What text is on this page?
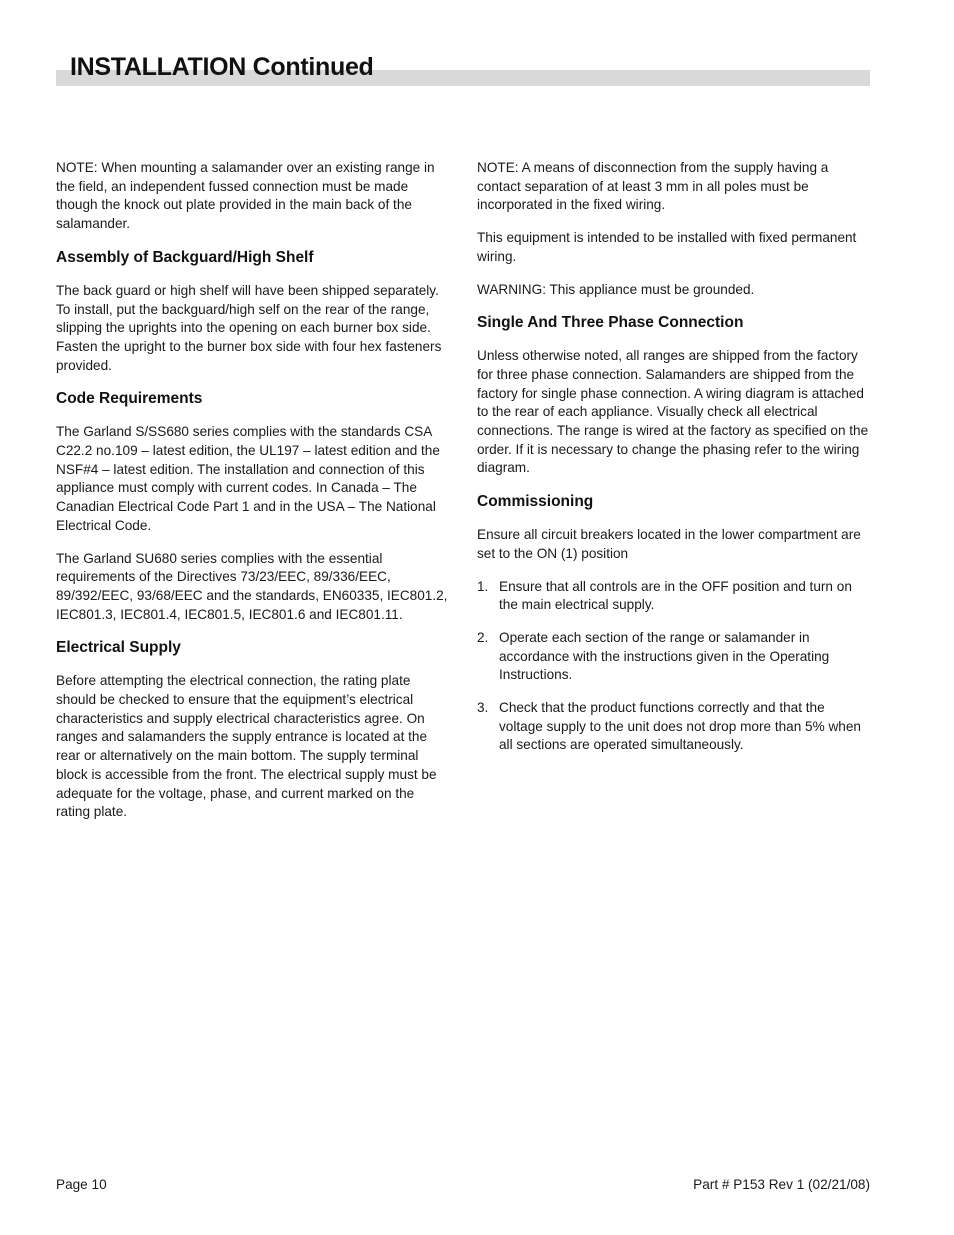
INSTALLATION Continued

NOTE: When mounting a salamander over an existing range in the field, an independent fussed connection must be made though the knock out plate provided in the main back of the salamander.

Assembly of Backguard/High Shelf

The back guard or high shelf will have been shipped separately. To install, put the backguard/high self on the rear of the range, slipping the uprights into the opening on each burner box side. Fasten the upright to the burner box side with four hex fasteners provided.

Code Requirements

The Garland S/SS680 series complies with the standards CSA C22.2 no.109 – latest edition, the UL197 – latest edition and the NSF#4 – latest edition. The installation and connection of this appliance must comply with current codes. In Canada – The Canadian Electrical Code Part 1 and in the USA – The National Electrical Code.

The Garland SU680 series complies with the essential requirements of the Directives 73/23/EEC, 89/336/EEC, 89/392/EEC, 93/68/EEC and the standards, EN60335, IEC801.2, IEC801.3, IEC801.4, IEC801.5, IEC801.6 and IEC801.11.

Electrical Supply

Before attempting the electrical connection, the rating plate should be checked to ensure that the equipment’s electrical characteristics and supply electrical characteristics agree. On ranges and salamanders the supply entrance is located at the rear or alternatively on the main bottom. The supply terminal block is accessible from the front. The electrical supply must be adequate for the voltage, phase, and current marked on the rating plate.

NOTE: A means of disconnection from the supply having a contact separation of at least 3 mm in all poles must be incorporated in the fixed wiring.

This equipment is intended to be installed with fixed permanent wiring.

WARNING: This appliance must be grounded.

Single And Three Phase Connection

Unless otherwise noted, all ranges are shipped from the factory for three phase connection. Salamanders are shipped from the factory for single phase connection. A wiring diagram is attached to the rear of each appliance. Visually check all electrical connections. The range is wired at the factory as specified on the order. If it is necessary to change the phasing refer to the wiring diagram.

Commissioning

Ensure all circuit breakers located in the lower compartment are set to the ON (1) position

1. Ensure that all controls are in the OFF position and turn on the main electrical supply.
2. Operate each section of the range or salamander in accordance with the instructions given in the Operating Instructions.
3. Check that the product functions correctly and that the voltage supply to the unit does not drop more than 5% when all sections are operated simultaneously.
Page 10	Part # P153 Rev 1 (02/21/08)
